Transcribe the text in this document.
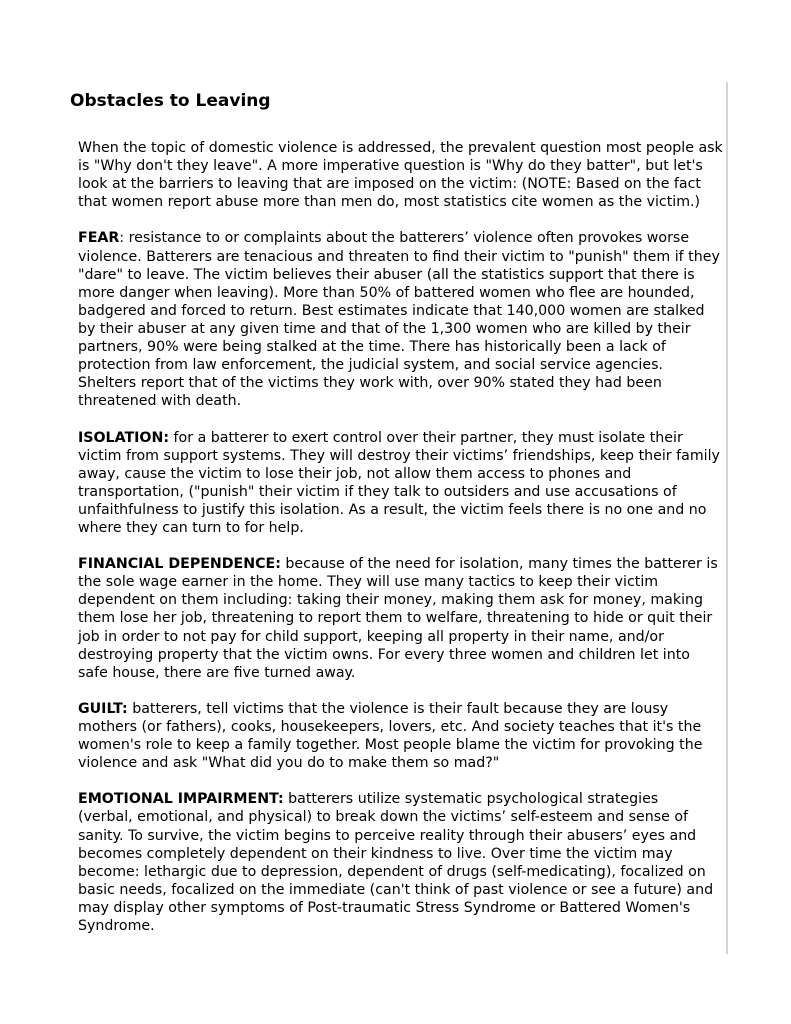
Obstacles to Leaving

When the topic of domestic violence is addressed, the prevalent question most people ask
is "Why don't they leave". A more imperative question is "Why do they batter", but let's
look at the barriers to leaving that are imposed on the victim: (NOTE: Based on the fact
that women report abuse more than men do, most statistics cite women as the victim.)

FEAR: resistance to or complaints about the batterers’ violence often provokes worse
violence. Batterers are tenacious and threaten to find their victim to "punish" them if they
"dare" to leave. The victim believes their abuser (all the statistics support that there is
more danger when leaving). More than 50% of battered women who flee are hounded,
badgered and forced to return. Best estimates indicate that 140,000 women are stalked
by their abuser at any given time and that of the 1,300 women who are killed by their
partners, 90% were being stalked at the time. There has historically been a lack of
protection from law enforcement, the judicial system, and social service agencies.
Shelters report that of the victims they work with, over 90% stated they had been
threatened with death.

ISOLATION: for a batterer to exert control over their partner, they must isolate their
victim from support systems. They will destroy their victims’ friendships, keep their family
away, cause the victim to lose their job, not allow them access to phones and
transportation, ("punish" their victim if they talk to outsiders and use accusations of
unfaithfulness to justify this isolation. As a result, the victim feels there is no one and no
where they can turn to for help.

FINANCIAL DEPENDENCE: because of the need for isolation, many times the batterer is
the sole wage earner in the home. They will use many tactics to keep their victim
dependent on them including: taking their money, making them ask for money, making
them lose her job, threatening to report them to welfare, threatening to hide or quit their
job in order to not pay for child support, keeping all property in their name, and/or
destroying property that the victim owns. For every three women and children let into
safe house, there are five turned away.

GUILT: batterers, tell victims that the violence is their fault because they are lousy
mothers (or fathers), cooks, housekeepers, lovers, etc. And society teaches that it's the
women's role to keep a family together. Most people blame the victim for provoking the
violence and ask "What did you do to make them so mad?"

EMOTIONAL IMPAIRMENT: batterers utilize systematic psychological strategies
(verbal, emotional, and physical) to break down the victims’ self-esteem and sense of
sanity. To survive, the victim begins to perceive reality through their abusers’ eyes and
becomes completely dependent on their kindness to live. Over time the victim may
become: lethargic due to depression, dependent of drugs (self-medicating), focalized on
basic needs, focalized on the immediate (can't think of past violence or see a future) and
may display other symptoms of Post-traumatic Stress Syndrome or Battered Women's
Syndrome.
